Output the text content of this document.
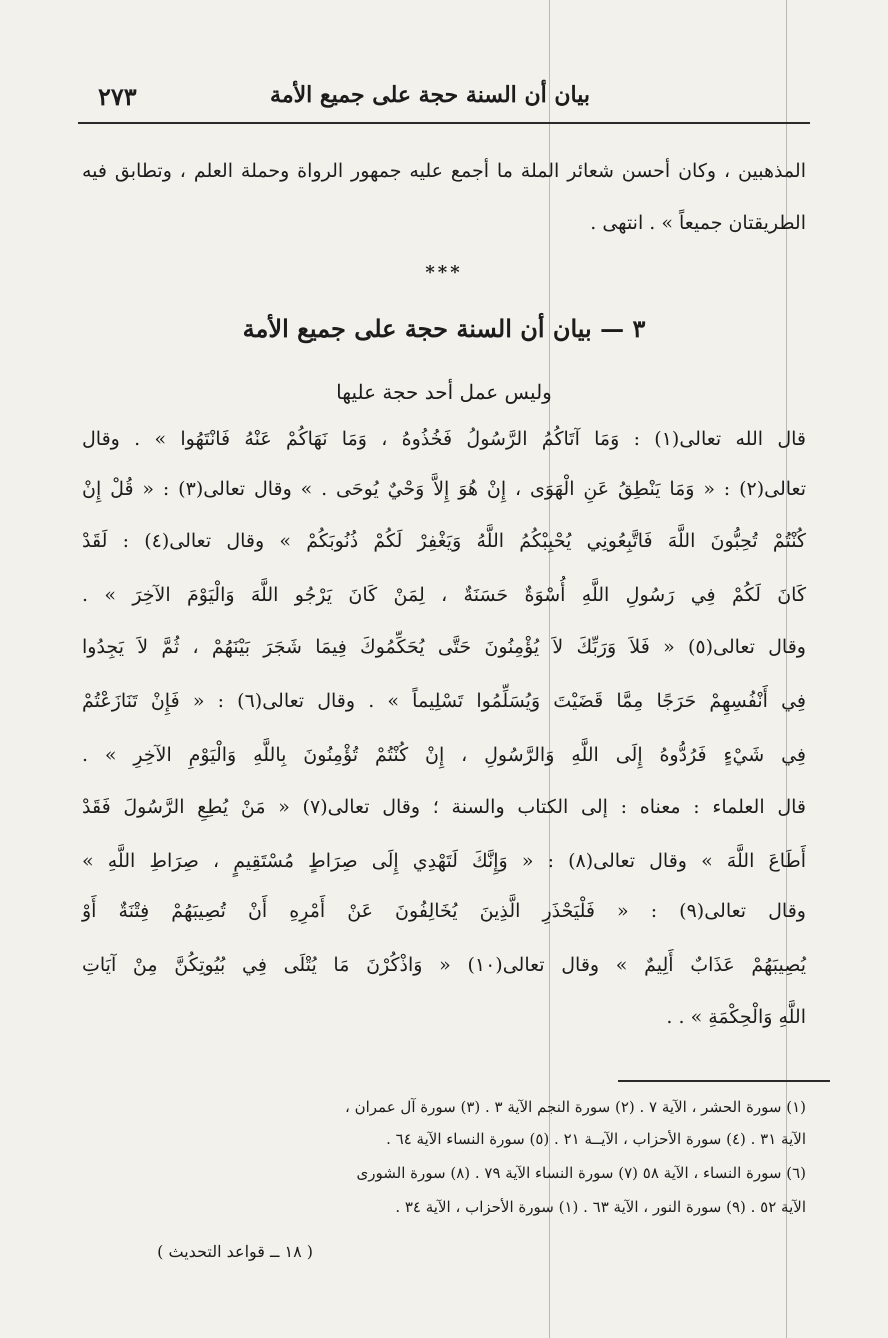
بيان أن السنة حجة على جميع الأمة
٢٧٣
المذهبين ، وكان أحسن شعائر الملة ما أجمع عليه جمهور الرواة وحملة العلم ، وتطابق فيه
الطريقتان جميعاً » . انتهى .
***
٣ — بيان أن السنة حجة على جميع الأمة
وليس عمل أحد حجة عليها
قال الله تعالى(١) : وَمَا آتَاكُمُ الرَّسُولُ فَخُذُوهُ ، وَمَا نَهَاكُمْ عَنْهُ فَانْتَهُوا » . وقال
تعالى(٢) : « وَمَا يَنْطِقُ عَنِ الْهَوَى ، إِنْ هُوَ إِلاَّ وَحْيٌ يُوحَى . » وقال تعالى(٣) : « قُلْ إِنْ
كُنْتُمْ تُحِبُّونَ اللَّهَ فَاتَّبِعُونِي يُحْبِبْكُمُ اللَّهُ وَيَغْفِرْ لَكُمْ ذُنُوبَكُمْ » وقال تعالى(٤) : لَقَدْ
كَانَ لَكُمْ فِي رَسُولِ اللَّهِ أُسْوَةٌ حَسَنَةٌ ، لِمَنْ كَانَ يَرْجُو اللَّهَ وَالْيَوْمَ الآخِرَ » .
وقال تعالى(٥) « فَلاَ وَرَبِّكَ لاَ يُؤْمِنُونَ حَتَّى يُحَكِّمُوكَ فِيمَا شَجَرَ بَيْنَهُمْ ، ثُمَّ لاَ يَجِدُوا
فِي أَنْفُسِهِمْ حَرَجًا مِمَّا قَضَيْتَ وَيُسَلِّمُوا تَسْلِيماً » . وقال تعالى(٦) : « فَإِنْ تَنَازَعْتُمْ
فِي شَيْءٍ فَرُدُّوهُ إِلَى اللَّهِ وَالرَّسُولِ ، إِنْ كُنْتُمْ تُؤْمِنُونَ بِاللَّهِ وَالْيَوْمِ الآخِرِ » .
قال العلماء : معناه : إلى الكتاب والسنة ؛ وقال تعالى(٧) « مَنْ يُطِعِ الرَّسُولَ فَقَدْ
أَطَاعَ اللَّهَ » وقال تعالى(٨) : « وَإِنَّكَ لَتَهْدِي إِلَى صِرَاطٍ مُسْتَقِيمٍ ، صِرَاطِ اللَّهِ »
وقال تعالى(٩) : « فَلْيَحْذَرِ الَّذِينَ يُخَالِفُونَ عَنْ أَمْرِهِ أَنْ تُصِيبَهُمْ فِتْنَةٌ أَوْ
يُصِيبَهُمْ عَذَابٌ أَلِيمٌ » وقال تعالى(١٠) « وَاذْكُرْنَ مَا يُتْلَى فِي بُيُوتِكُنَّ مِنْ آيَاتِ
اللَّهِ وَالْحِكْمَةِ » . .
(١) سورة الحشر ، الآية ٧ . (٢) سورة النجم الآية ٣ . (٣) سورة آل عمران ،
الآية ٣١ . (٤) سورة الأحزاب ، الآيــة ٢١ . (٥) سورة النساء الآية ٦٤ .
(٦) سورة النساء ، الآية ٥٨ (٧) سورة النساء الآية ٧٩ . (٨) سورة الشورى
الآية ٥٢ . (٩) سورة النور ، الآية ٦٣ . (١) سورة الأحزاب ، الآية ٣٤ .
( ١٨ ــ قواعد التحديث )
